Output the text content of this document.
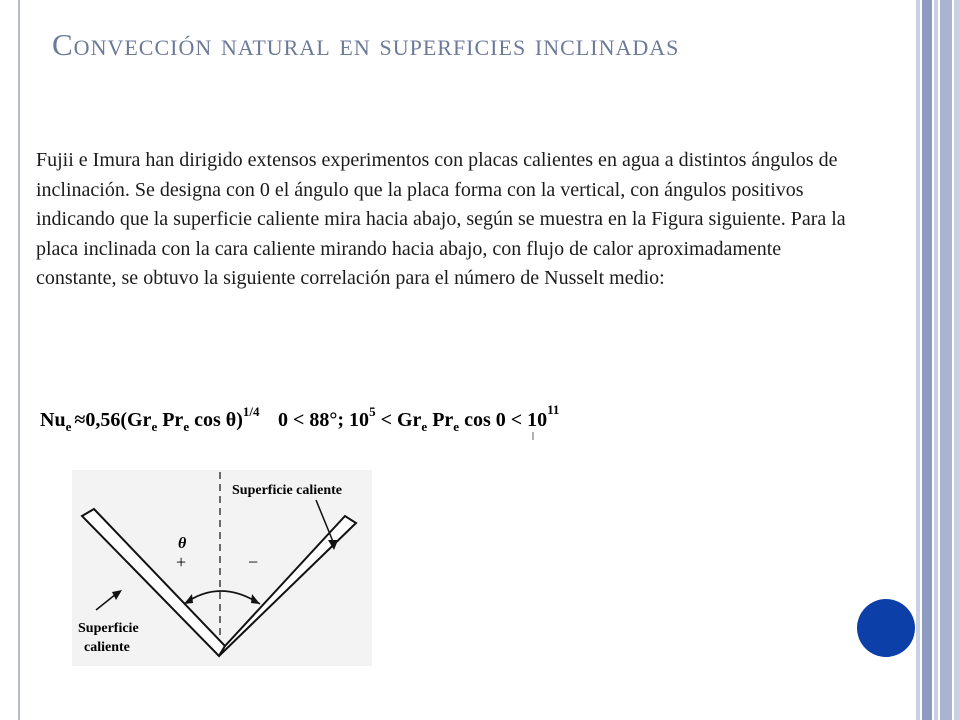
Convección natural en superficies inclinadas

Fujii e Imura han dirigido extensos experimentos con placas calientes en agua a distintos ángulos de inclinación. Se designa con 0 el ángulo que la placa forma con la vertical, con ángulos positivos indicando que la superficie caliente mira hacia abajo, según se muestra en la Figura siguiente. Para la placa inclinada con la cara caliente mirando hacia abajo, con flujo de calor aproximadamente constante, se obtuvo la siguiente correlación para el número de Nusselt medio:

$Nu_e \approx 0,56(Gr_e$ $Pr_e$ cos θ)$^{1/4}$ 0 < 88°; $10^5 < Gr_e$ $Pr_e$ $\cos 0 < 10^{11}$
Superficie caliente
θ
+	−
Superficie
caliente
